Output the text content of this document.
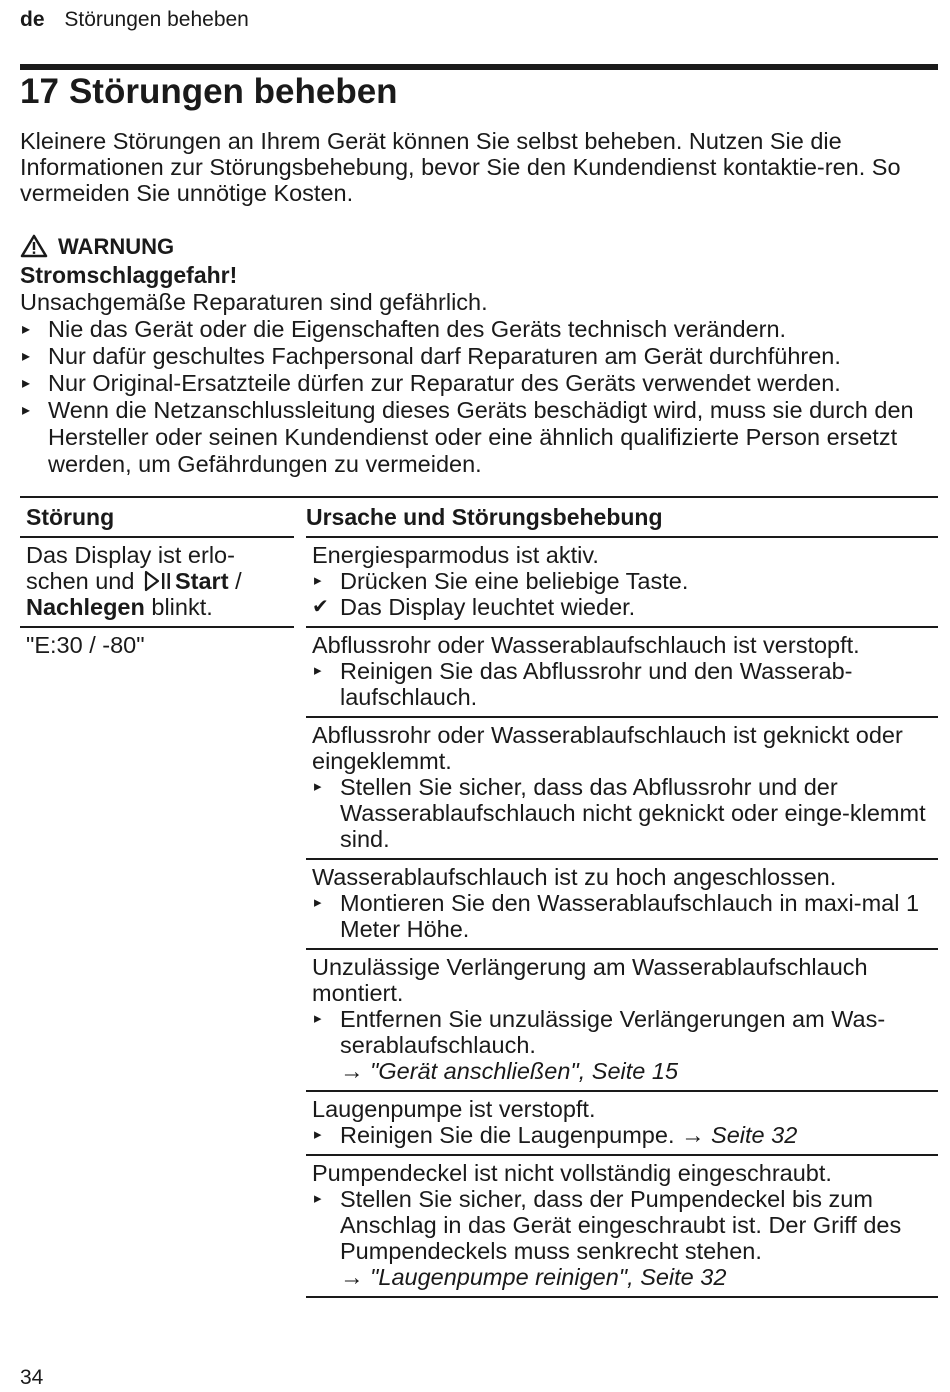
de Störungen beheben
17 Störungen beheben

Kleinere Störungen an Ihrem Gerät können Sie selbst beheben. Nutzen Sie die Informationen zur Störungsbehebung, bevor Sie den Kundendienst kontaktie-ren. So vermeiden Sie unnötige Kosten.

WARNUNG
Stromschlaggefahr!
Unsachgemäße Reparaturen sind gefährlich.
▸ Nie das Gerät oder die Eigenschaften des Geräts technisch verändern.
▸ Nur dafür geschultes Fachpersonal darf Reparaturen am Gerät durchführen.
▸ Nur Original-Ersatzteile dürfen zur Reparatur des Geräts verwendet werden.
▸ Wenn die Netzanschlussleitung dieses Geräts beschädigt wird, muss sie durch den Hersteller oder seinen Kundendienst oder eine ähnlich qualifizierte Person ersetzt werden, um Gefährdungen zu vermeiden.
Störung	Ursache und Störungsbehebung
Das Display ist erlo-schen und Start / Nachlegen blinkt.	Energiesparmodus ist aktiv.
▸ Drücken Sie eine beliebige Taste.
✔ Das Display leuchtet wieder.

"E:30 / -80"	Abflussrohr oder Wasserablaufschlauch ist verstopft.
▸ Reinigen Sie das Abflussrohr und den Wasserab-laufschlauch.

	Abflussrohr oder Wasserablaufschlauch ist geknickt oder eingeklemmt.
▸ Stellen Sie sicher, dass das Abflussrohr und der Wasserablaufschlauch nicht geknickt oder einge-klemmt sind.

	Wasserablaufschlauch ist zu hoch angeschlossen.
▸ Montieren Sie den Wasserablaufschlauch in maxi-mal 1 Meter Höhe.

	Unzulässige Verlängerung am Wasserablaufschlauch montiert.
▸ Entfernen Sie unzulässige Verlängerungen am Was-serablaufschlauch.
→ "Gerät anschließen", Seite 15

	Laugenpumpe ist verstopft.
▸ Reinigen Sie die Laugenpumpe. → Seite 32

	Pumpendeckel ist nicht vollständig eingeschraubt.
▸ Stellen Sie sicher, dass der Pumpendeckel bis zum Anschlag in das Gerät eingeschraubt ist. Der Griff des Pumpendeckels muss senkrecht stehen.
→ "Laugenpumpe reinigen", Seite 32
34
